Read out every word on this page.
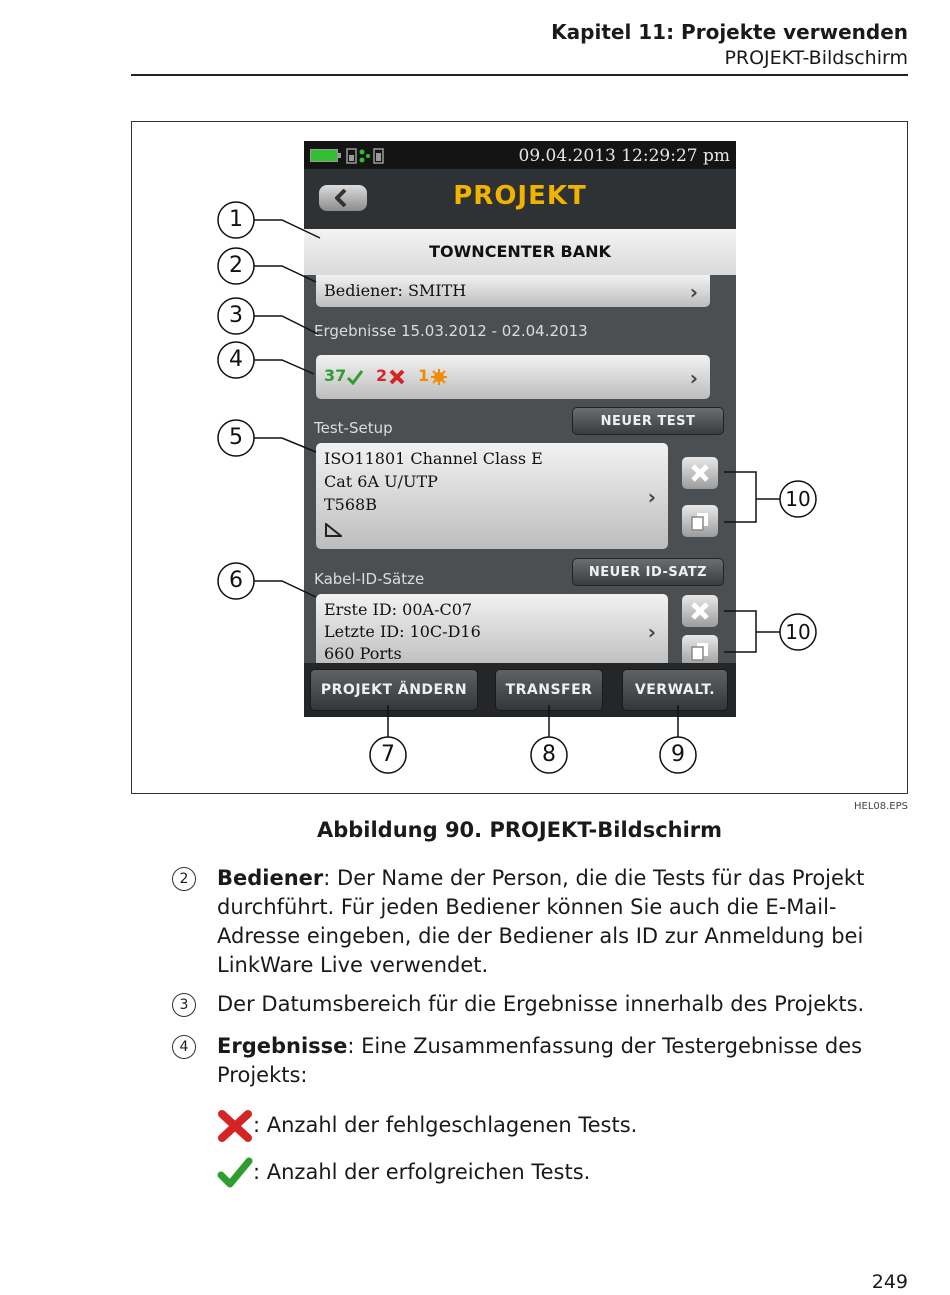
Kapitel 11: Projekte verwenden
PROJEKT-Bildschirm
09.04.2013 12:29:27 pm
PROJEKT
TOWNCENTER BANK
Bediener: SMITH	›
Ergebnisse 15.03.2012 - 02.04.2013
37 2 1	›
Test-Setup	NEUER TEST
ISO11801 Channel Class E
Cat 6A U/UTP
T568B	›
Kabel-ID-Sätze	NEUER ID-SATZ
Erste ID: 00A-C07
Letzte ID: 10C-D16
660 Ports
›
PROJEKT ÄNDERN	TRANSFER	VERWALT.
1
2
3
4
5
6
7	8	9
10
10
HEL08.EPS
Abbildung 90. PROJEKT-Bildschirm
2	Bediener: Der Name der Person, die die Tests für das Projekt durchführt. Für jeden Bediener können Sie auch die E-Mail-Adresse eingeben, die der Bediener als ID zur Anmeldung bei LinkWare Live verwendet.
3	Der Datumsbereich für die Ergebnisse innerhalb des Projekts.
4	Ergebnisse: Eine Zusammenfassung der Testergebnisse des Projekts:
: Anzahl der fehlgeschlagenen Tests.
: Anzahl der erfolgreichen Tests.
249
